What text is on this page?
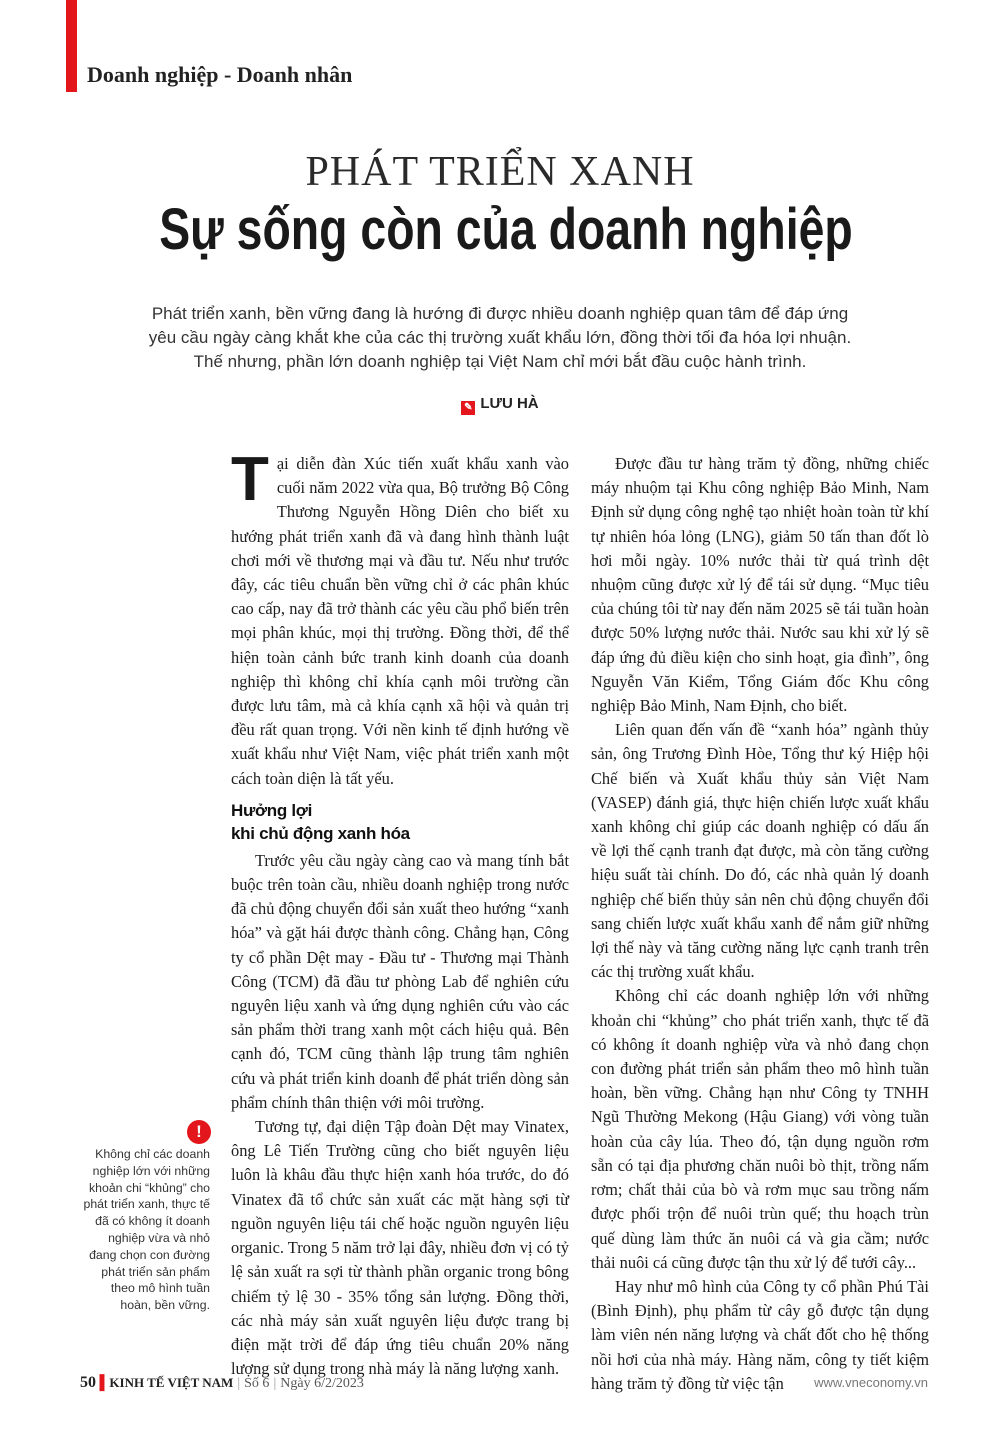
Doanh nghiệp - Doanh nhân
PHÁT TRIỂN XANH
Sự sống còn của doanh nghiệp
Phát triển xanh, bền vững đang là hướng đi được nhiều doanh nghiệp quan tâm để đáp ứng yêu cầu ngày càng khắt khe của các thị trường xuất khẩu lớn, đồng thời tối đa hóa lợi nhuận. Thế nhưng, phần lớn doanh nghiệp tại Việt Nam chỉ mới bắt đầu cuộc hành trình.
✎ LƯU HÀ

Tại diễn đàn Xúc tiến xuất khẩu xanh vào cuối năm 2022 vừa qua, Bộ trưởng Bộ Công Thương Nguyễn Hồng Diên cho biết xu hướng phát triển xanh đã và đang hình thành luật chơi mới về thương mại và đầu tư. Nếu như trước đây, các tiêu chuẩn bền vững chỉ ở các phân khúc cao cấp, nay đã trở thành các yêu cầu phổ biến trên mọi phân khúc, mọi thị trường. Đồng thời, để thể hiện toàn cảnh bức tranh kinh doanh của doanh nghiệp thì không chỉ khía cạnh môi trường cần được lưu tâm, mà cả khía cạnh xã hội và quản trị đều rất quan trọng. Với nền kinh tế định hướng về xuất khẩu như Việt Nam, việc phát triển xanh một cách toàn diện là tất yếu.

Hưởng lợi
khi chủ động xanh hóa

Trước yêu cầu ngày càng cao và mang tính bắt buộc trên toàn cầu, nhiều doanh nghiệp trong nước đã chủ động chuyển đổi sản xuất theo hướng “xanh hóa” và gặt hái được thành công. Chẳng hạn, Công ty cổ phần Dệt may - Đầu tư - Thương mại Thành Công (TCM) đã đầu tư phòng Lab để nghiên cứu nguyên liệu xanh và ứng dụng nghiên cứu vào các sản phẩm thời trang xanh một cách hiệu quả. Bên cạnh đó, TCM cũng thành lập trung tâm nghiên cứu và phát triển kinh doanh để phát triển dòng sản phẩm chính thân thiện với môi trường.

Tương tự, đại diện Tập đoàn Dệt may Vinatex, ông Lê Tiến Trường cũng cho biết nguyên liệu luôn là khâu đầu thực hiện xanh hóa trước, do đó Vinatex đã tổ chức sản xuất các mặt hàng sợi từ nguồn nguyên liệu tái chế hoặc nguồn nguyên liệu organic. Trong 5 năm trở lại đây, nhiều đơn vị có tỷ lệ sản xuất ra sợi từ thành phần organic trong bông chiếm tỷ lệ 30 - 35% tổng sản lượng. Đồng thời, các nhà máy sản xuất nguyên liệu được trang bị điện mặt trời để đáp ứng tiêu chuẩn 20% năng lượng sử dụng trong nhà máy là năng lượng xanh.

Được đầu tư hàng trăm tỷ đồng, những chiếc máy nhuộm tại Khu công nghiệp Bảo Minh, Nam Định sử dụng công nghệ tạo nhiệt hoàn toàn từ khí tự nhiên hóa lỏng (LNG), giảm 50 tấn than đốt lò hơi mỗi ngày. 10% nước thải từ quá trình dệt nhuộm cũng được xử lý để tái sử dụng. “Mục tiêu của chúng tôi từ nay đến năm 2025 sẽ tái tuần hoàn được 50% lượng nước thải. Nước sau khi xử lý sẽ đáp ứng đủ điều kiện cho sinh hoạt, gia đình”, ông Nguyễn Văn Kiểm, Tổng Giám đốc Khu công nghiệp Bảo Minh, Nam Định, cho biết.

Liên quan đến vấn đề “xanh hóa” ngành thủy sản, ông Trương Đình Hòe, Tổng thư ký Hiệp hội Chế biến và Xuất khẩu thủy sản Việt Nam (VASEP) đánh giá, thực hiện chiến lược xuất khẩu xanh không chỉ giúp các doanh nghiệp có dấu ấn về lợi thế cạnh tranh đạt được, mà còn tăng cường hiệu suất tài chính. Do đó, các nhà quản lý doanh nghiệp chế biến thủy sản nên chủ động chuyển đổi sang chiến lược xuất khẩu xanh để nắm giữ những lợi thế này và tăng cường năng lực cạnh tranh trên các thị trường xuất khẩu.

Không chỉ các doanh nghiệp lớn với những khoản chi “khủng” cho phát triển xanh, thực tế đã có không ít doanh nghiệp vừa và nhỏ đang chọn con đường phát triển sản phẩm theo mô hình tuần hoàn, bền vững. Chẳng hạn như Công ty TNHH Ngũ Thường Mekong (Hậu Giang) với vòng tuần hoàn của cây lúa. Theo đó, tận dụng nguồn rơm sẵn có tại địa phương chăn nuôi bò thịt, trồng nấm rơm; chất thải của bò và rơm mục sau trồng nấm được phối trộn để nuôi trùn quế; thu hoạch trùn quế dùng làm thức ăn nuôi cá và gia cầm; nước thải nuôi cá cũng được tận thu xử lý để tưới cây...

Hay như mô hình của Công ty cổ phần Phú Tài (Bình Định), phụ phẩm từ cây gỗ được tận dụng làm viên nén năng lượng và chất đốt cho hệ thống nồi hơi của nhà máy. Hàng năm, công ty tiết kiệm hàng trăm tỷ đồng từ việc tận

!
Không chỉ các doanh nghiệp lớn với những khoản chi “khủng” cho phát triển xanh, thực tế đã có không ít doanh nghiệp vừa và nhỏ đang chọn con đường phát triển sản phẩm theo mô hình tuần hoàn, bền vững.
50 ▌KINH TẾ VIỆT NAM | Số 6 | Ngày 6/2/2023	www.vneconomy.vn
